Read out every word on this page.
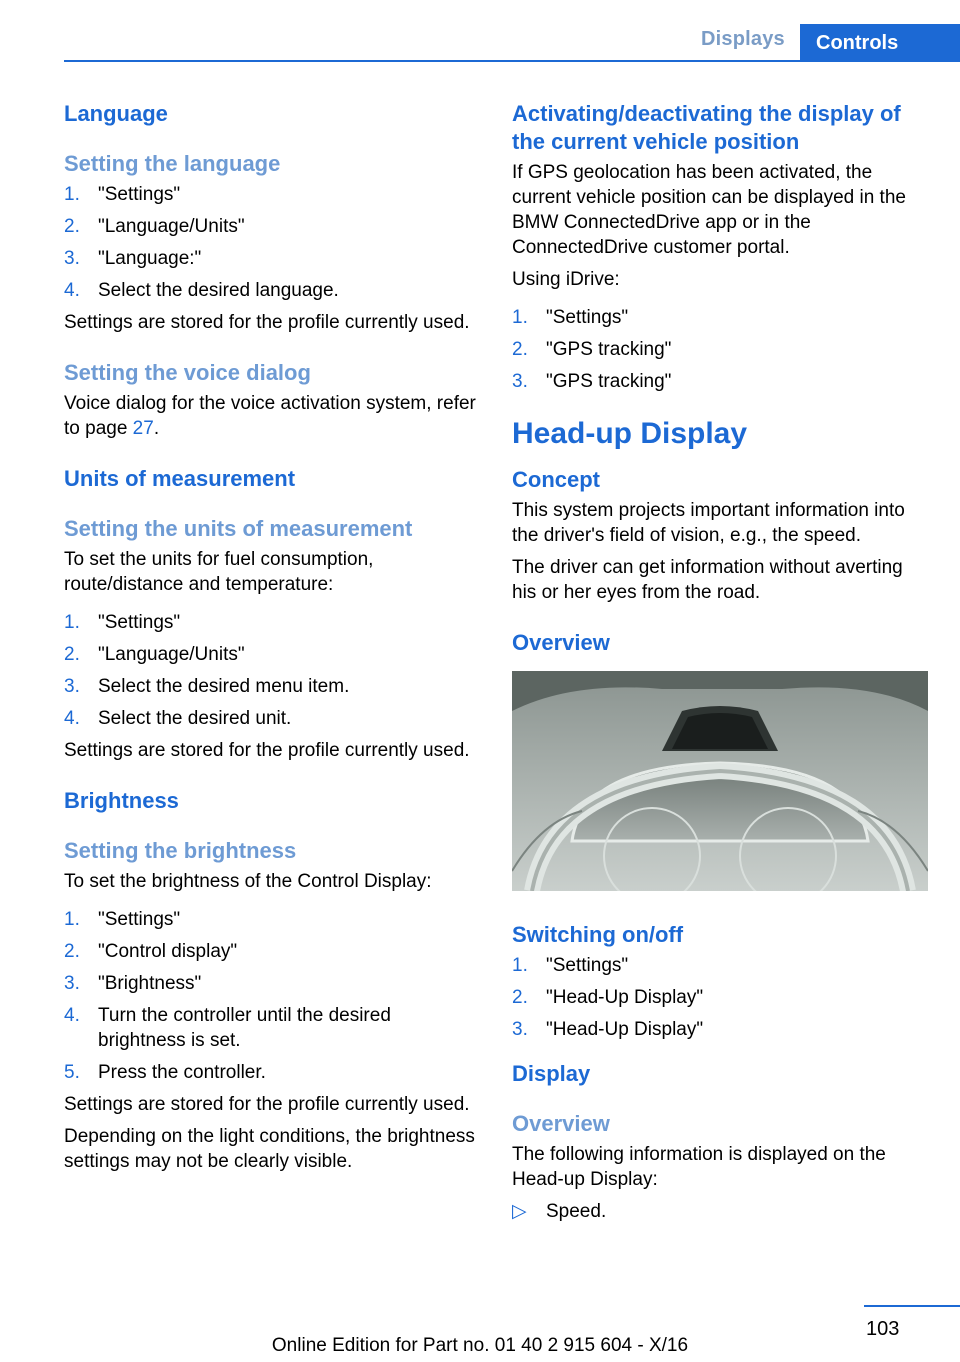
Displays	Controls
Language
Setting the language
1. "Settings"
2. "Language/Units"
3. "Language:"
4. Select the desired language.

Settings are stored for the profile currently used.

Setting the voice dialog

Voice dialog for the voice activation system, refer to page 27.

Units of measurement
Setting the units of measurement

To set the units for fuel consumption, route/distance and temperature:

1. "Settings"
2. "Language/Units"
3. Select the desired menu item.
4. Select the desired unit.

Settings are stored for the profile currently used.

Brightness
Setting the brightness

To set the brightness of the Control Display:

1. "Settings"
2. "Control display"
3. "Brightness"
4. Turn the controller until the desired brightness is set.
5. Press the controller.

Settings are stored for the profile currently used.

Depending on the light conditions, the brightness settings may not be clearly visible.

Activating/deactivating the display of the current vehicle position

If GPS geolocation has been activated, the current vehicle position can be displayed in the BMW ConnectedDrive app or in the ConnectedDrive customer portal.

Using iDrive:

1. "Settings"
2. "GPS tracking"
3. "GPS tracking"
Head-up Display
Concept

This system projects important information into the driver's field of vision, e.g., the speed.

The driver can get information without averting his or her eyes from the road.

Overview
Switching on/off
1. "Settings"
2. "Head-Up Display"
3. "Head-Up Display"
Display
Overview

The following information is displayed on the Head-up Display:

▷ Speed.
103
Online Edition for Part no. 01 40 2 915 604 - X/16
